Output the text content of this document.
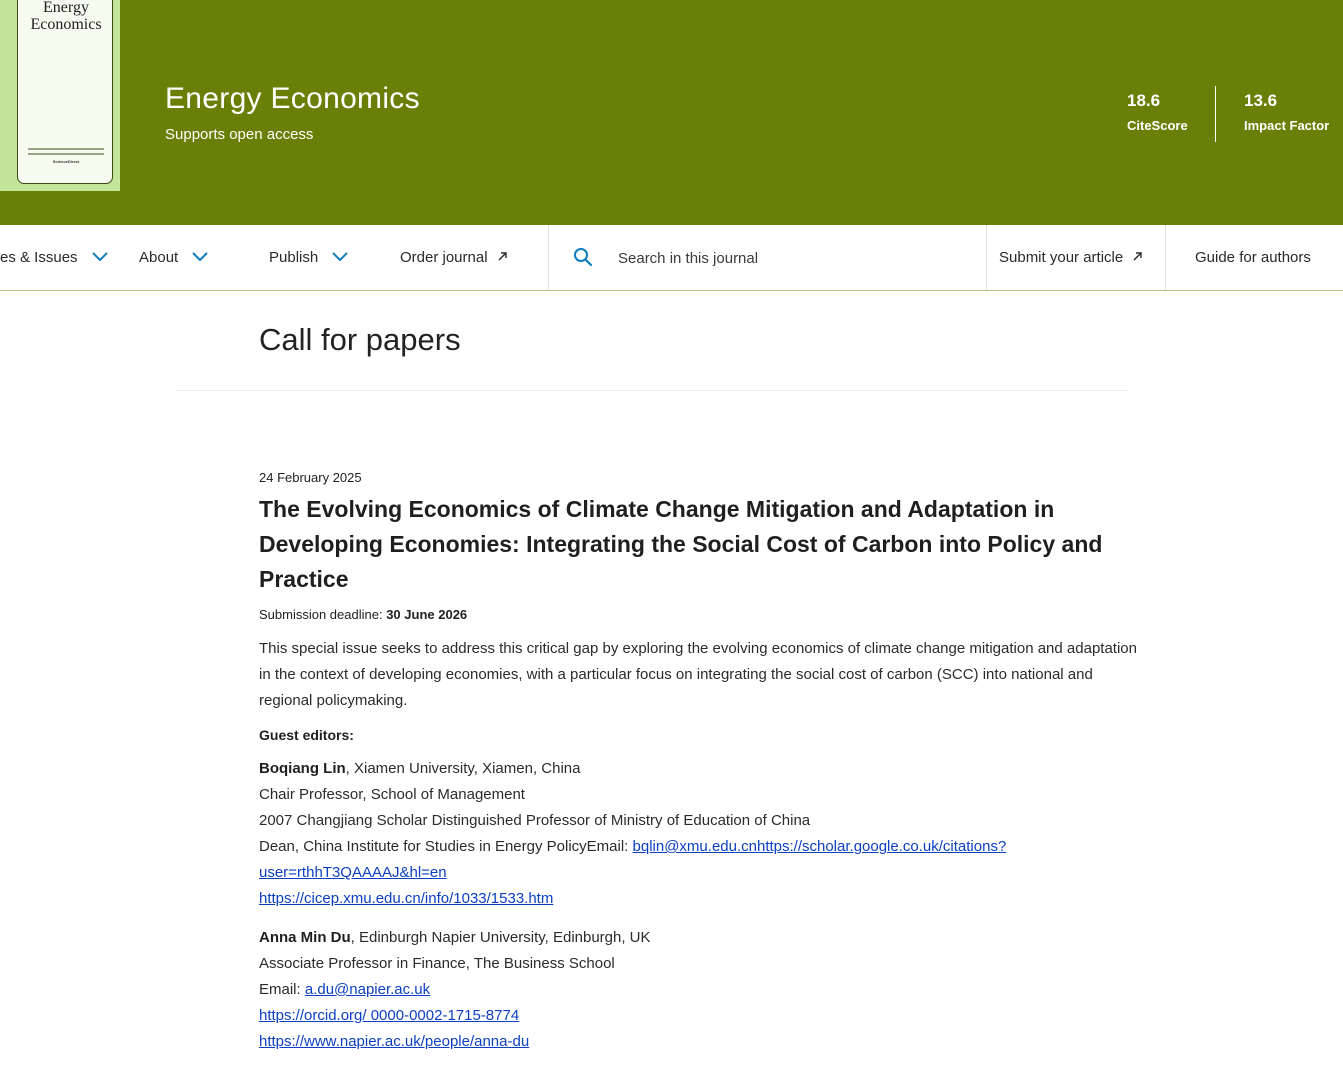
Energy
Economics
ScienceDirect
Energy Economics
Supports open access
18.6
CiteScore
13.6
Impact Factor
es & Issues	About	Publish	Order journal	Submit your article	Guide for authors
Search in this journal
Call for papers
24 February 2025
The Evolving Economics of Climate Change Mitigation and Adaptation in Developing Economies: Integrating the Social Cost of Carbon into Policy and Practice
Submission deadline: 30 June 2026

This special issue seeks to address this critical gap by exploring the evolving economics of climate change mitigation and adaptation in the context of developing economies, with a particular focus on integrating the social cost of carbon (SCC) into national and regional policymaking.

Guest editors:
Boqiang Lin, Xiamen University, Xiamen, China
Chair Professor, School of Management
2007 Changjiang Scholar Distinguished Professor of Ministry of Education of China
Dean, China Institute for Studies in Energy PolicyEmail: bqlin@xmu.edu.cnhttps://scholar.google.co.uk/citations?user=rthhT3QAAAAJ&hl=en
https://cicep.xmu.edu.cn/info/1033/1533.htm
Anna Min Du, Edinburgh Napier University, Edinburgh, UK
Associate Professor in Finance, The Business School
Email: a.du@napier.ac.uk
https://orcid.org/ 0000-0002-1715-8774
https://www.napier.ac.uk/people/anna-du
